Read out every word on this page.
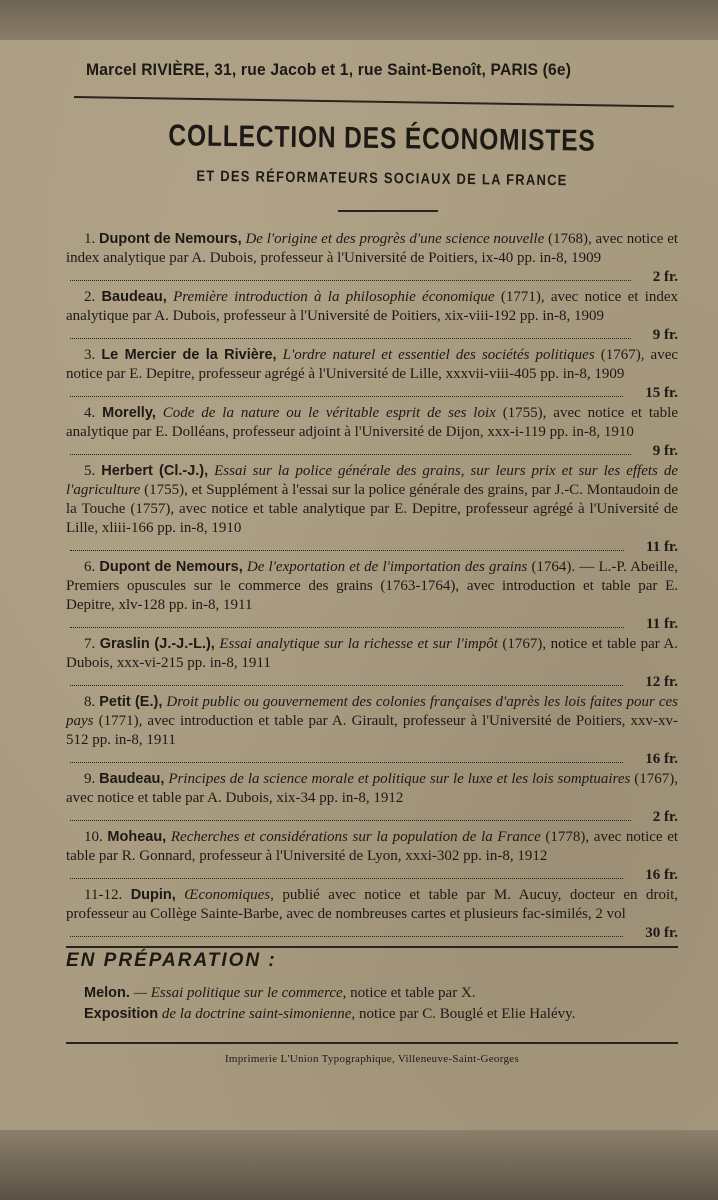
Marcel RIVIÈRE, 31, rue Jacob et 1, rue Saint-Benoît, PARIS (6e)
COLLECTION DES ÉCONOMISTES
ET DES RÉFORMATEURS SOCIAUX DE LA FRANCE
1. Dupont de Nemours, De l'origine et des progrès d'une science nouvelle (1768), avec notice et index analytique par A. Dubois, professeur à l'Université de Poitiers, ix-40 pp. in-8, 1909
2 fr.
2. Baudeau, Première introduction à la philosophie économique (1771), avec notice et index analytique par A. Dubois, professeur à l'Université de Poitiers, xix-viii-192 pp. in-8, 1909
9 fr.
3. Le Mercier de la Rivière, L'ordre naturel et essentiel des sociétés politiques (1767), avec notice par E. Depitre, professeur agrégé à l'Université de Lille, xxxvii-viii-405 pp. in-8, 1909
15 fr.
4. Morelly, Code de la nature ou le véritable esprit de ses loix (1755), avec notice et table analytique par E. Dolléans, professeur adjoint à l'Université de Dijon, xxx-i-119 pp. in-8, 1910
9 fr.
5. Herbert (Cl.-J.), Essai sur la police générale des grains, sur leurs prix et sur les effets de l'agriculture (1755), et Supplément à l'essai sur la police générale des grains, par J.-C. Montaudoin de la Touche (1757), avec notice et table analytique par E. Depitre, professeur agrégé à l'Université de Lille, xliii-166 pp. in-8, 1910
11 fr.
6. Dupont de Nemours, De l'exportation et de l'importation des grains (1764). — L.-P. Abeille, Premiers opuscules sur le commerce des grains (1763-1764), avec introduction et table par E. Depitre, xlv-128 pp. in-8, 1911
11 fr.
7. Graslin (J.-J.-L.), Essai analytique sur la richesse et sur l'impôt (1767), notice et table par A. Dubois, xxx-vi-215 pp. in-8, 1911
12 fr.
8. Petit (E.), Droit public ou gouvernement des colonies françaises d'après les lois faites pour ces pays (1771), avec introduction et table par A. Girault, professeur à l'Université de Poitiers, xxv-xv-512 pp. in-8, 1911
16 fr.
9. Baudeau, Principes de la science morale et politique sur le luxe et les lois somptuaires (1767), avec notice et table par A. Dubois, xix-34 pp. in-8, 1912
2 fr.
10. Moheau, Recherches et considérations sur la population de la France (1778), avec notice et table par R. Gonnard, professeur à l'Université de Lyon, xxxi-302 pp. in-8, 1912
16 fr.
11-12. Dupin, Œconomiques, publié avec notice et table par M. Aucuy, docteur en droit, professeur au Collège Sainte-Barbe, avec de nombreuses cartes et plusieurs fac-similés, 2 vol
30 fr.
EN PRÉPARATION :

Melon. — Essai politique sur le commerce, notice et table par X.

Exposition de la doctrine saint-simonienne, notice par C. Bouglé et Elie Halévy.

Imprimerie L'Union Typographique, Villeneuve-Saint-Georges
